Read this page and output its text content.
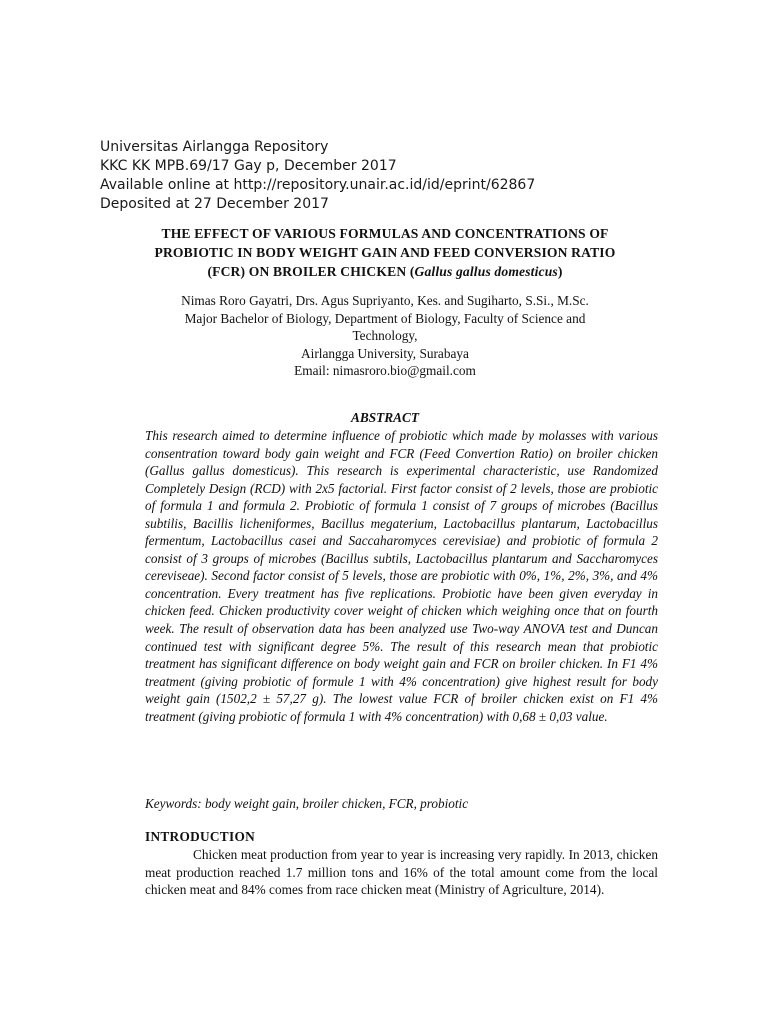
Universitas Airlangga Repository
KKC KK MPB.69/17 Gay p, December 2017
Available online at http://repository.unair.ac.id/id/eprint/62867
Deposited at 27 December 2017
THE EFFECT OF VARIOUS FORMULAS AND CONCENTRATIONS OF PROBIOTIC IN BODY WEIGHT GAIN AND FEED CONVERSION RATIO (FCR) ON BROILER CHICKEN (Gallus gallus domesticus)
Nimas Roro Gayatri, Drs. Agus Supriyanto, Kes. and Sugiharto, S.Si., M.Sc.
Major Bachelor of Biology, Department of Biology, Faculty of Science and
Technology,
Airlangga University, Surabaya
Email: nimasroro.bio@gmail.com
ABSTRACT
This research aimed to determine influence of probiotic which made by molasses with various consentration toward body gain weight and FCR (Feed Convertion Ratio) on broiler chicken (Gallus gallus domesticus). This research is experimental characteristic, use Randomized Completely Design (RCD) with 2x5 factorial. First factor consist of 2 levels, those are probiotic of formula 1 and formula 2. Probiotic of formula 1 consist of 7 groups of microbes (Bacillus subtilis, Bacillis licheniformes, Bacillus megaterium, Lactobacillus plantarum, Lactobacillus fermentum, Lactobacillus casei and Saccaharomyces cerevisiae) and probiotic of formula 2 consist of 3 groups of microbes (Bacillus subtils, Lactobacillus plantarum and Saccharomyces cereviseae). Second factor consist of 5 levels, those are probiotic with 0%, 1%, 2%, 3%, and 4% concentration. Every treatment has five replications. Probiotic have been given everyday in chicken feed. Chicken productivity cover weight of chicken which weighing once that on fourth week. The result of observation data has been analyzed use Two-way ANOVA test and Duncan continued test with significant degree 5%. The result of this research mean that probiotic treatment has significant difference on body weight gain and FCR on broiler chicken. In F1 4% treatment (giving probiotic of formule 1 with 4% concentration) give highest result for body weight gain (1502,2 ± 57,27 g). The lowest value FCR of broiler chicken exist on F1 4% treatment (giving probiotic of formula 1 with 4% concentration) with 0,68 ± 0,03 value.
Keywords: body weight gain, broiler chicken, FCR, probiotic
INTRODUCTION
Chicken meat production from year to year is increasing very rapidly. In 2013, chicken meat production reached 1.7 million tons and 16% of the total amount come from the local chicken meat and 84% comes from race chicken meat (Ministry of Agriculture, 2014).
